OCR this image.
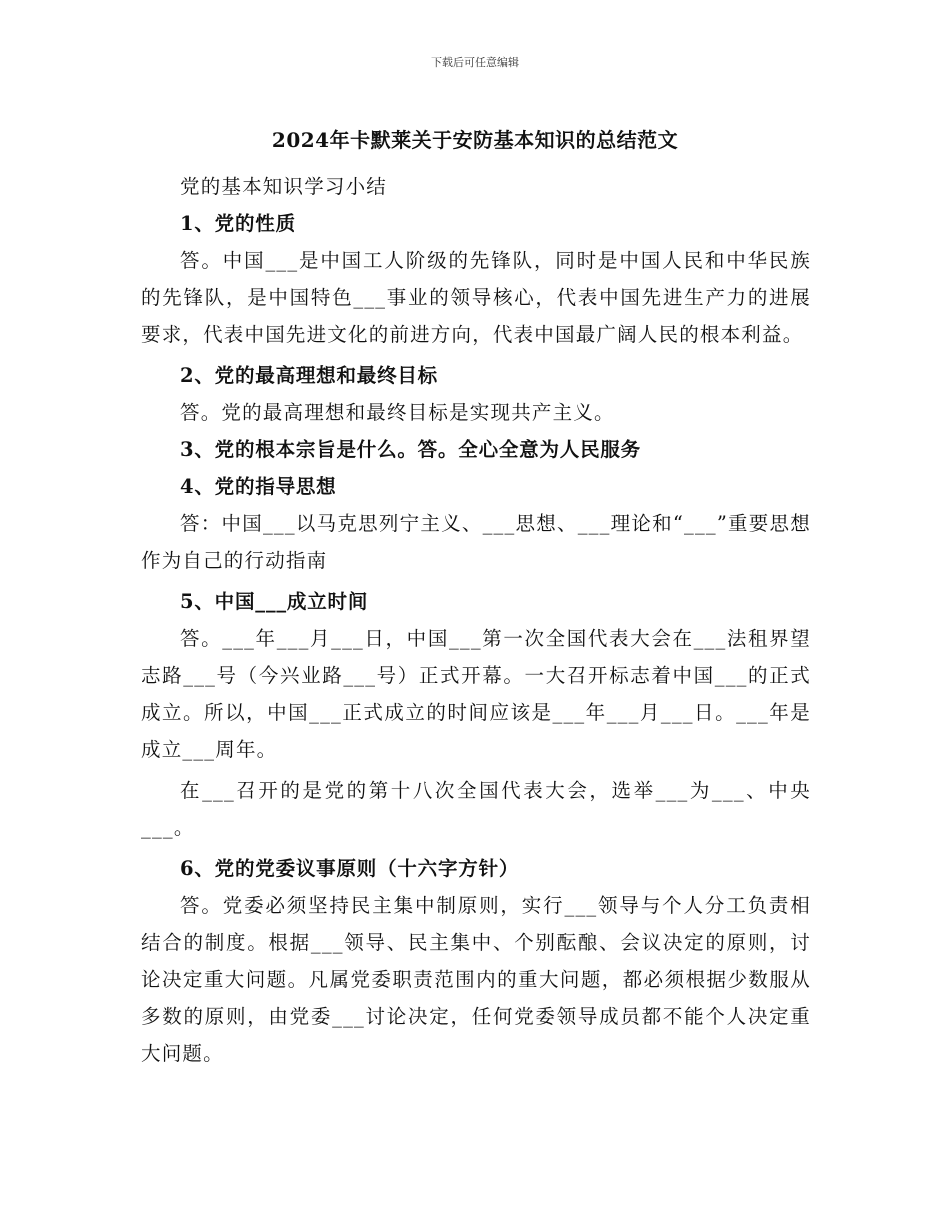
下载后可任意编辑
2024年卡默莱关于安防基本知识的总结范文

党的基本知识学习小结

1、党的性质

答。中国___是中国工人阶级的先锋队，同时是中国人民和中华民族的先锋队，是中国特色___事业的领导核心，代表中国先进生产力的进展要求，代表中国先进文化的前进方向，代表中国最广阔人民的根本利益。

2、党的最高理想和最终目标

答。党的最高理想和最终目标是实现共产主义。

3、党的根本宗旨是什么。答。全心全意为人民服务

4、党的指导思想

答：中国___以马克思列宁主义、___思想、___理论和“___”重要思想作为自己的行动指南

5、中国___成立时间

答。___年___月___日，中国___第一次全国代表大会在___法租界望志路___号（今兴业路___号）正式开幕。一大召开标志着中国___的正式成立。所以，中国___正式成立的时间应该是___年___月___日。___年是成立___周年。

在___召开的是党的第十八次全国代表大会，选举___为___、中央___。

6、党的党委议事原则（十六字方针）

答。党委必须坚持民主集中制原则，实行___领导与个人分工负责相结合的制度。根据___领导、民主集中、个别酝酿、会议决定的原则，讨论决定重大问题。凡属党委职责范围内的重大问题，都必须根据少数服从多数的原则，由党委___讨论决定，任何党委领导成员都不能个人决定重大问题。
